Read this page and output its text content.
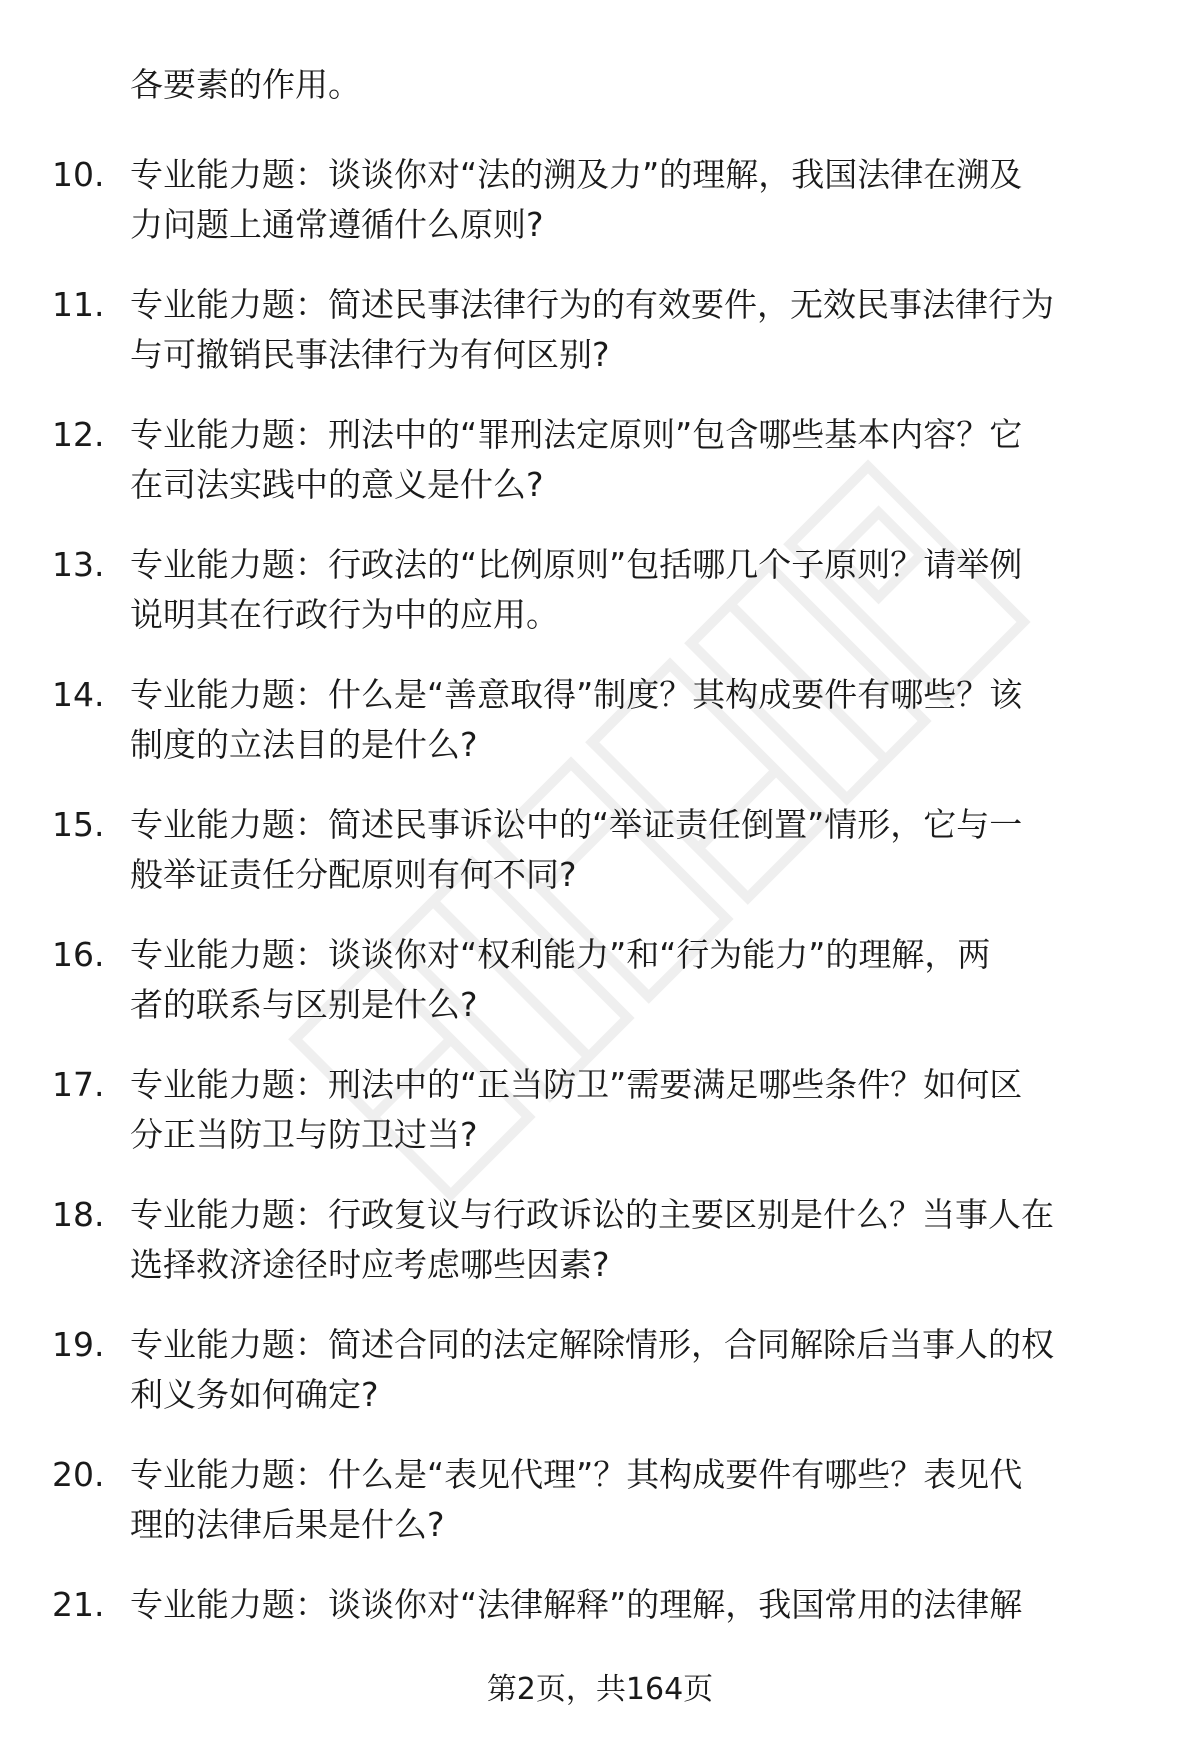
各要素的作用。
10. 专业能力题：谈谈你对“法的溯及力”的理解，我国法律在溯及
力问题上通常遵循什么原则?
11. 专业能力题：简述民事法律行为的有效要件，无效民事法律行为
与可撤销民事法律行为有何区别?
12. 专业能力题：刑法中的“罪刑法定原则”包含哪些基本内容？它
在司法实践中的意义是什么?
13. 专业能力题：行政法的“比例原则”包括哪几个子原则？请举例
说明其在行政行为中的应用。
14. 专业能力题：什么是“善意取得”制度？其构成要件有哪些？该
制度的立法目的是什么?
15. 专业能力题：简述民事诉讼中的“举证责任倒置”情形，它与一
般举证责任分配原则有何不同?
16. 专业能力题：谈谈你对“权利能力”和“行为能力”的理解，两
者的联系与区别是什么?
17. 专业能力题：刑法中的“正当防卫”需要满足哪些条件？如何区
分正当防卫与防卫过当?
18. 专业能力题：行政复议与行政诉讼的主要区别是什么？当事人在
选择救济途径时应考虑哪些因素?
19. 专业能力题：简述合同的法定解除情形，合同解除后当事人的权
利义务如何确定?
20. 专业能力题：什么是“表见代理”？其构成要件有哪些？表见代
理的法律后果是什么?
21. 专业能力题：谈谈你对“法律解释”的理解，我国常用的法律解
第2页，共164页
